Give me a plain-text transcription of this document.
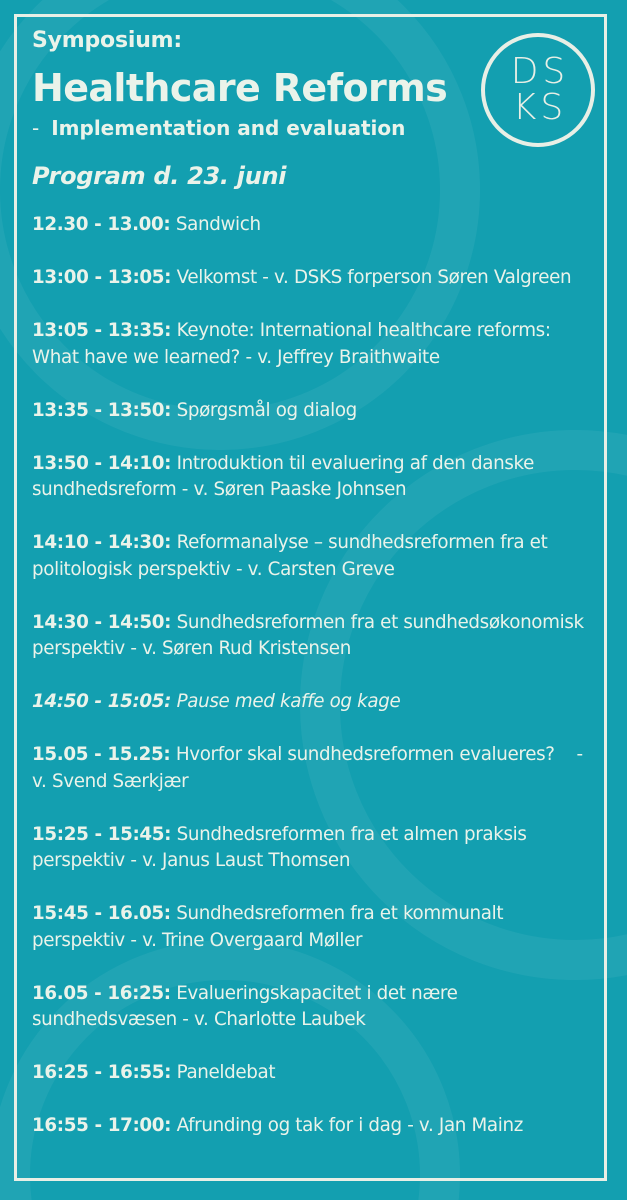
Symposium:
Healthcare Reforms
- Implementation and evaluation
Program d. 23. juni
DS
KS
12.30 - 13.00: Sandwich
13:00 - 13:05: Velkomst - v. DSKS forperson Søren Valgreen
13:05 - 13:35: Keynote: International healthcare reforms: What have we learned? - v. Jeffrey Braithwaite
13:35 - 13:50: Spørgsmål og dialog
13:50 - 14:10: Introduktion til evaluering af den danske sundhedsreform - v. Søren Paaske Johnsen
14:10 - 14:30: Reformanalyse – sundhedsreformen fra et politologisk perspektiv - v. Carsten Greve
14:30 - 14:50: Sundhedsreformen fra et sundhedsøkonomisk perspektiv - v. Søren Rud Kristensen
14:50 - 15:05: Pause med kaffe og kage
15.05 - 15.25: Hvorfor skal sundhedsreformen evalueres?    - v. Svend Særkjær
15:25 - 15:45: Sundhedsreformen fra et almen praksis perspektiv - v. Janus Laust Thomsen
15:45 - 16.05: Sundhedsreformen fra et kommunalt perspektiv - v. Trine Overgaard Møller
16.05 - 16:25: Evalueringskapacitet i det nære sundhedsvæsen - v. Charlotte Laubek
16:25 - 16:55: Paneldebat
16:55 - 17:00: Afrunding og tak for i dag - v. Jan Mainz
